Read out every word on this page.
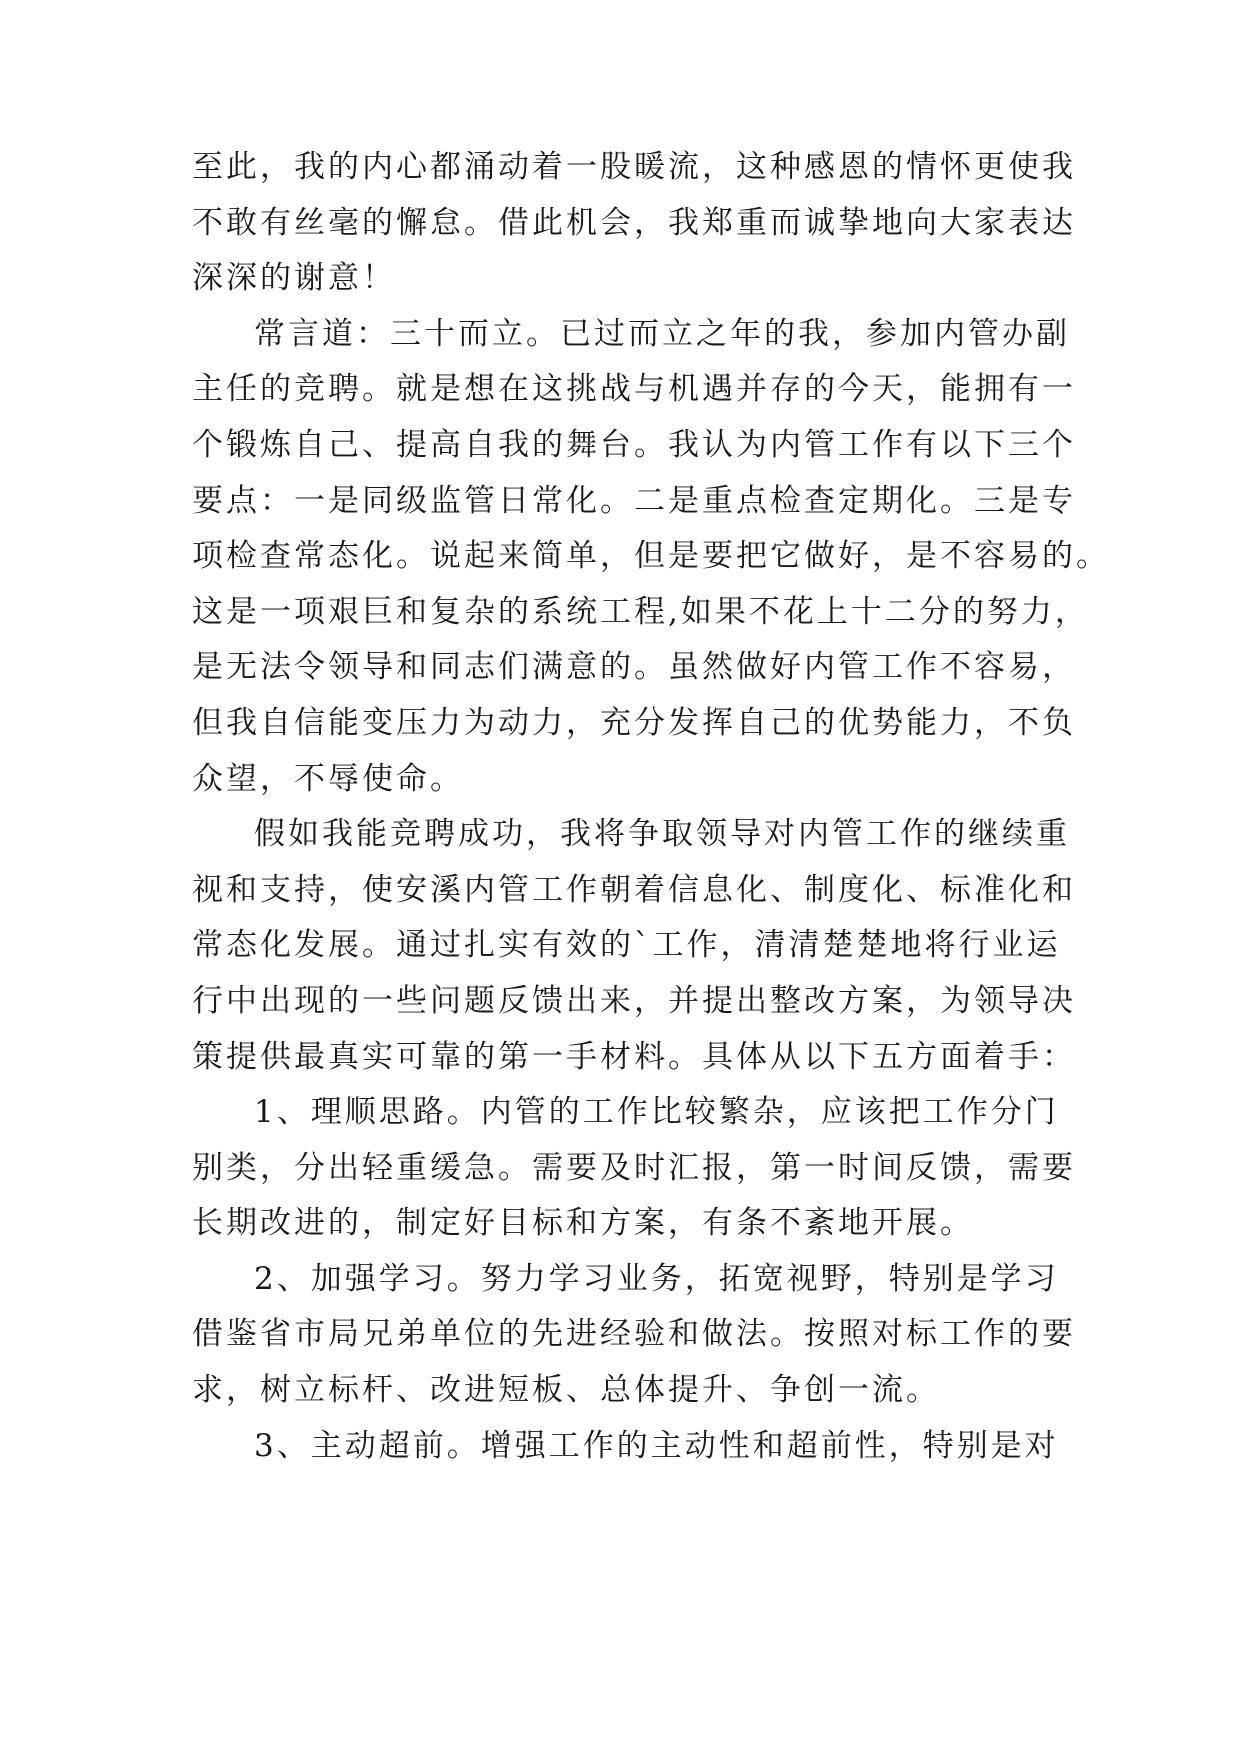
至此，我的内心都涌动着一股暖流，这种感恩的情怀更使我
不敢有丝毫的懈怠。借此机会，我郑重而诚挚地向大家表达
深深的谢意！
常言道：三十而立。已过而立之年的我，参加内管办副
主任的竞聘。就是想在这挑战与机遇并存的今天，能拥有一
个锻炼自己、提高自我的舞台。我认为内管工作有以下三个
要点：一是同级监管日常化。二是重点检查定期化。三是专
项检查常态化。说起来简单，但是要把它做好，是不容易的。
这是一项艰巨和复杂的系统工程,如果不花上十二分的努力，
是无法令领导和同志们满意的。虽然做好内管工作不容易，
但我自信能变压力为动力，充分发挥自己的优势能力，不负
众望，不辱使命。
假如我能竞聘成功，我将争取领导对内管工作的继续重
视和支持，使安溪内管工作朝着信息化、制度化、标准化和
常态化发展。通过扎实有效的`工作，清清楚楚地将行业运
行中出现的一些问题反馈出来，并提出整改方案，为领导决
策提供最真实可靠的第一手材料。具体从以下五方面着手：
1、理顺思路。内管的工作比较繁杂，应该把工作分门
别类，分出轻重缓急。需要及时汇报，第一时间反馈，需要
长期改进的，制定好目标和方案，有条不紊地开展。
2、加强学习。努力学习业务，拓宽视野，特别是学习
借鉴省市局兄弟单位的先进经验和做法。按照对标工作的要
求，树立标杆、改进短板、总体提升、争创一流。
3、主动超前。增强工作的主动性和超前性，特别是对
